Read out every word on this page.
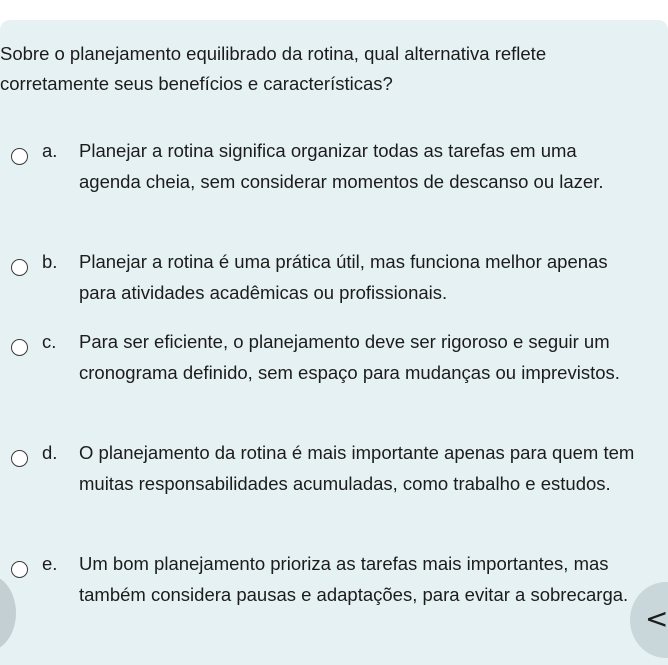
Sobre o planejamento equilibrado da rotina, qual alternativa reflete corretamente seus benefícios e características?

a. Planejar a rotina significa organizar todas as tarefas em uma agenda cheia, sem considerar momentos de descanso ou lazer.
b. Planejar a rotina é uma prática útil, mas funciona melhor apenas para atividades acadêmicas ou profissionais.
c. Para ser eficiente, o planejamento deve ser rigoroso e seguir um cronograma definido, sem espaço para mudanças ou imprevistos.
d. O planejamento da rotina é mais importante apenas para quem tem muitas responsabilidades acumuladas, como trabalho e estudos.
e. Um bom planejamento prioriza as tarefas mais importantes, mas também considera pausas e adaptações, para evitar a sobrecarga.
<
